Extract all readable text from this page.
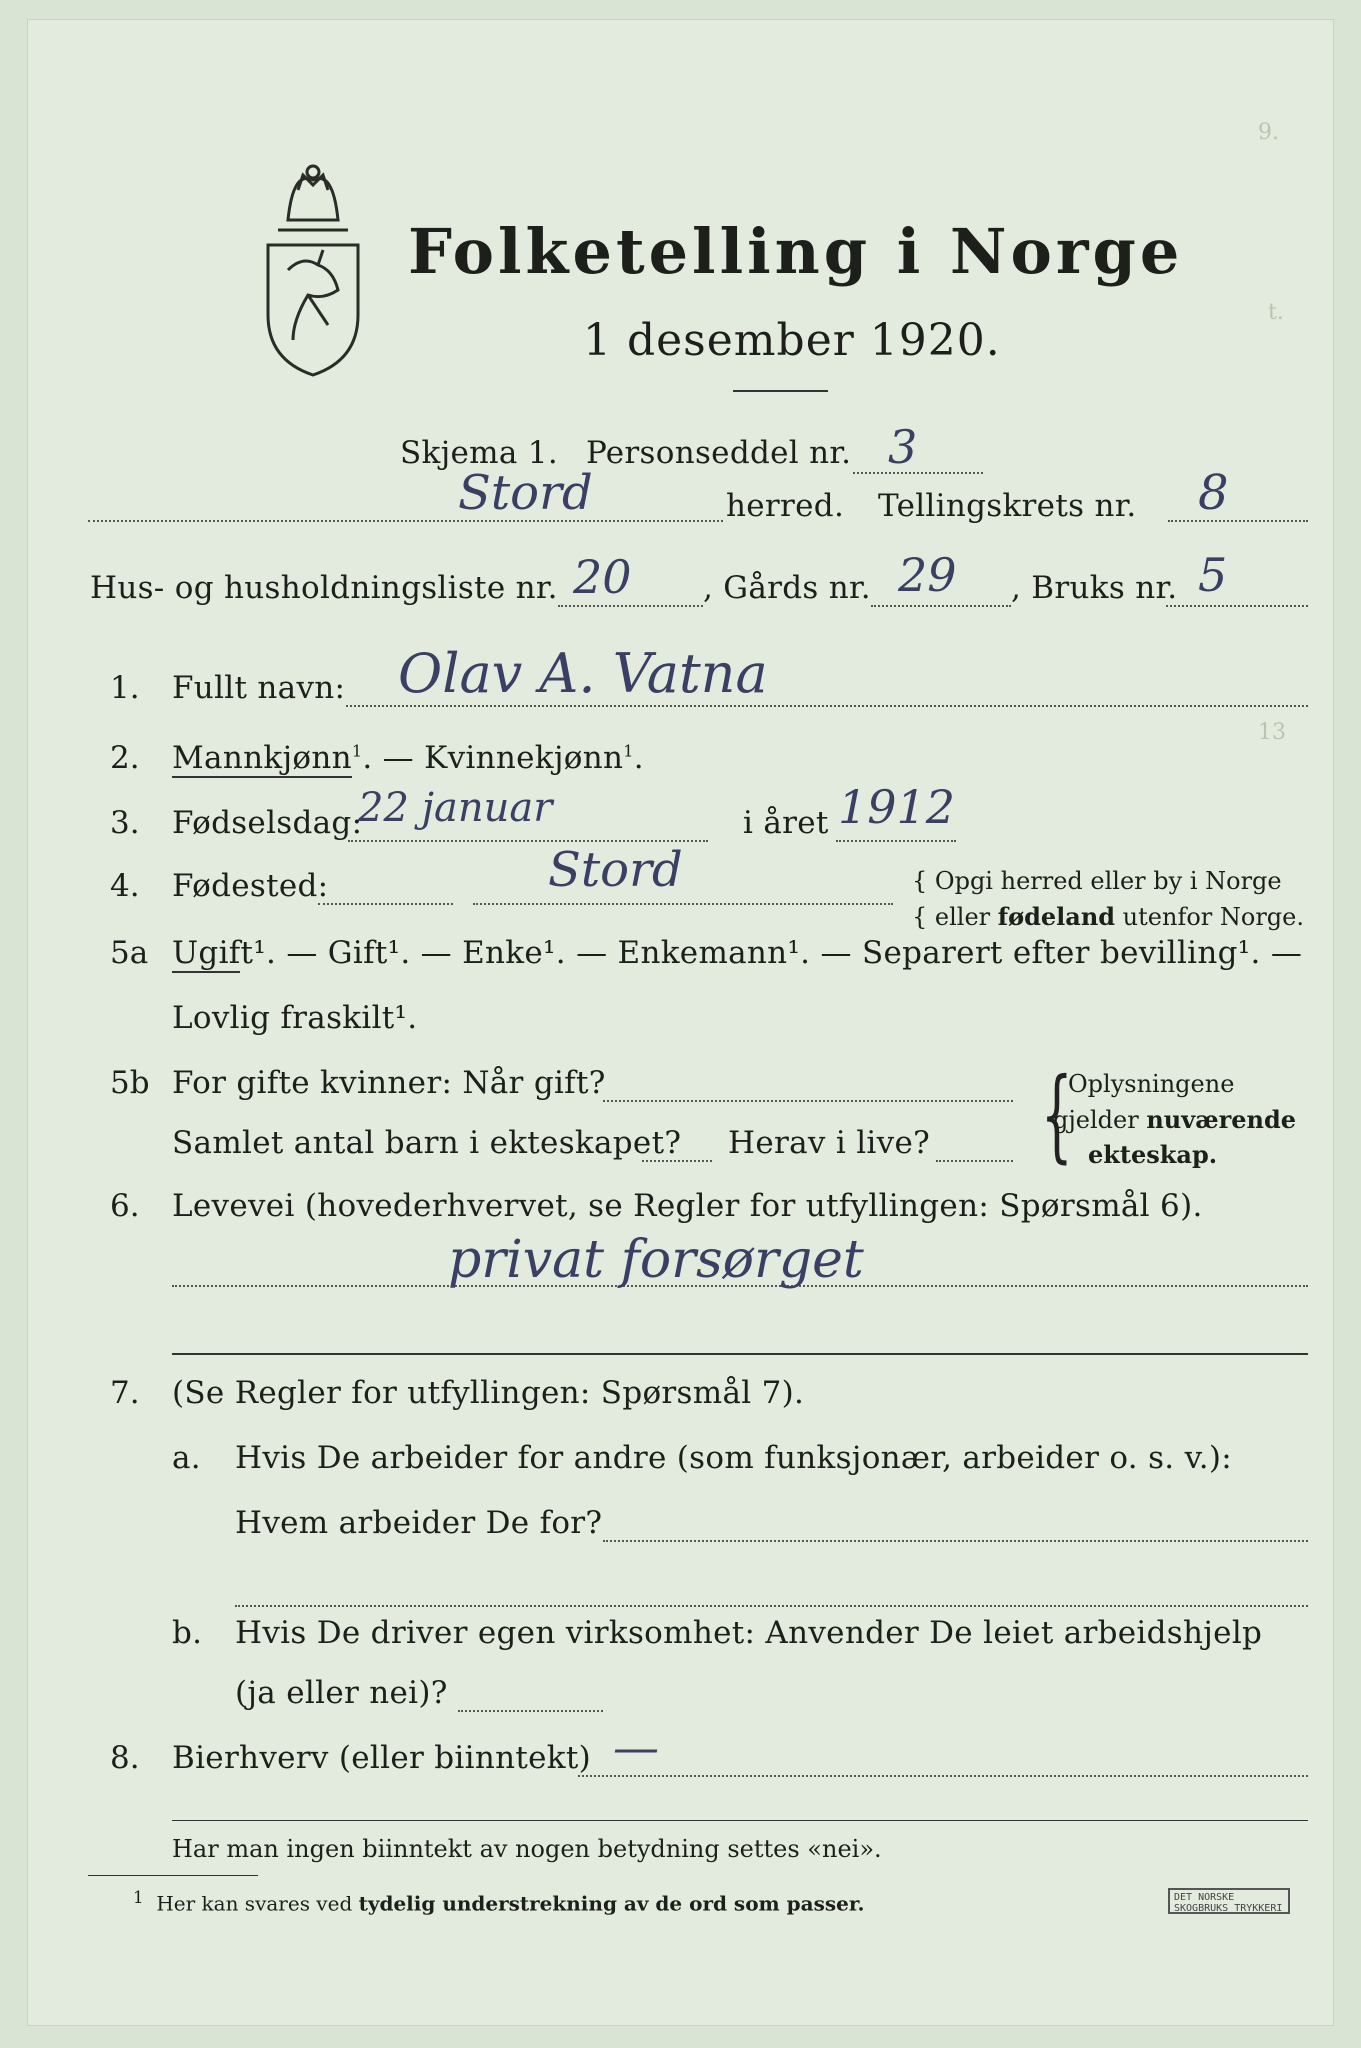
9.
t.
13
Folketelling i Norge
1 desember 1920.
Skjema 1. Personseddel nr. 3
Stord	herred. Tellingskrets nr. 8
Hus- og husholdningsliste nr. 20 , Gårds nr. 29 , Bruks nr. 5
1. Fullt navn: Olav A. Vatna
2. Mannkjønn$^1$. — Kvinnekjønn$^1$.
3. Fødselsdag:
22 januar	i året 1912
4. Fødested:	Stord	{ Opgi herred eller by i Norge
{ eller fødeland utenfor Norge.
5a Ugift¹. — Gift¹. — Enke¹. — Enkemann¹. — Separert efter bevilling¹. —
Lovlig fraskilt¹.
5b For gifte kvinner: Når gift?
Samlet antal barn i ekteskapet? Herav i live? {
Oplysningene
gjelder nuværende
ekteskap.
6. Levevei (hovederhvervet, se Regler for utfyllingen: Spørsmål 6).
privat forsørget
7. (Se Regler for utfyllingen: Spørsmål 7).
a. Hvis De arbeider for andre (som funksjonær, arbeider o. s. v.):
Hvem arbeider De for?
b. Hvis De driver egen virksomhet: Anvender De leiet arbeidshjelp
(ja eller nei)?
8. Bierhverv (eller biinntekt) —
Har man ingen biinntekt av nogen betydning settes «nei».
$^1$ Her kan svares ved tydelig understrekning av de ord som passer.	DET NORSKE SKOGBRUKS TRYKKERI
